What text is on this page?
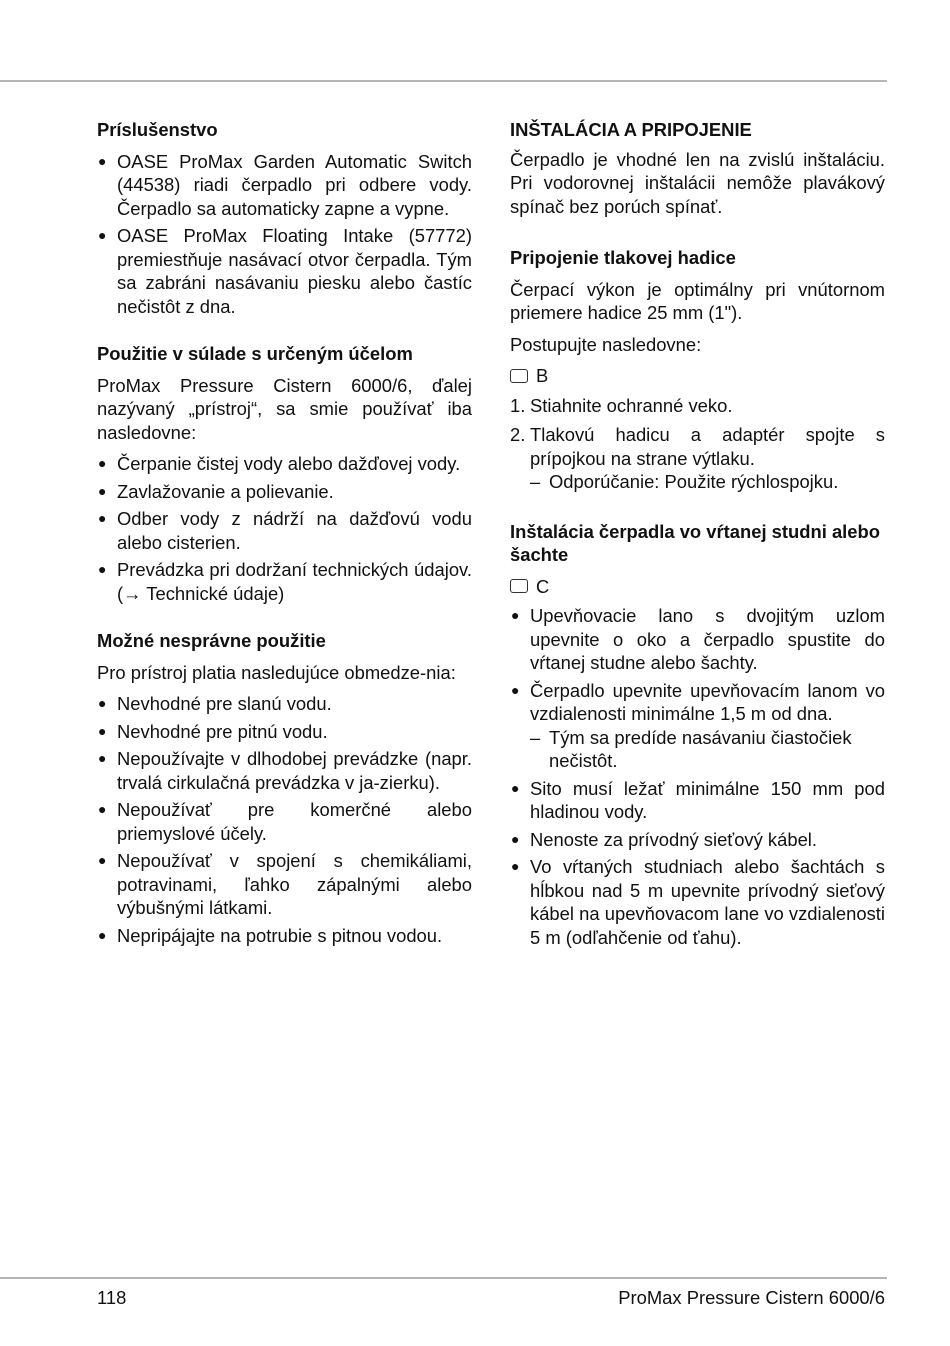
Príslušenstvo
● OASE ProMax Garden Automatic Switch (44538) riadi čerpadlo pri odbere vody. Čerpadlo sa automaticky zapne a vypne.
● OASE ProMax Floating Intake (57772) premiestňuje nasávací otvor čerpadla. Tým sa zabráni nasávaniu piesku alebo častíc nečistôt z dna.
Použitie v súlade s určeným účelom

ProMax Pressure Cistern 6000/6, ďalej nazývaný „prístroj“, sa smie používať iba nasledovne:

● Čerpanie čistej vody alebo dažďovej vody.
● Zavlažovanie a polievanie.
● Odber vody z nádrží na dažďovú vodu alebo cisterien.
● Prevádzka pri dodržaní technických údajov. (→ Technické údaje)
Možné nesprávne použitie

Pro prístroj platia nasledujúce obmedze-nia:

● Nevhodné pre slanú vodu.
● Nevhodné pre pitnú vodu.
● Nepoužívajte v dlhodobej prevádzke (napr. trvalá cirkulačná prevádzka v ja-zierku).
● Nepoužívať pre komerčné alebo priemyslové účely.
● Nepoužívať v spojení s chemikáliami, potravinami, ľahko zápalnými alebo výbušnými látkami.
● Nepripájajte na potrubie s pitnou vodou.
INŠTALÁCIA A PRIPOJENIE

Čerpadlo je vhodné len na zvislú inštaláciu. Pri vodorovnej inštalácii nemôže plavákový spínač bez porúch spínať.

Pripojenie tlakovej hadice

Čerpací výkon je optimálny pri vnútornom priemere hadice 25 mm (1").

Postupujte nasledovne:

B
1. Stiahnite ochranné veko.
2. Tlakovú hadicu a adaptér spojte s prípojkou na strane výtlaku.
– Odporúčanie: Použite rýchlospojku.
Inštalácia čerpadla vo vŕtanej studni alebo šachte
C
● Upevňovacie lano s dvojitým uzlom upevnite o oko a čerpadlo spustite do vŕtanej studne alebo šachty.
● Čerpadlo upevnite upevňovacím lanom vo vzdialenosti minimálne 1,5 m od dna.
– Tým sa predíde nasávaniu čiastočiek nečistôt.
● Sito musí ležať minimálne 150 mm pod hladinou vody.
● Nenoste za prívodný sieťový kábel.
● Vo vŕtaných studniach alebo šachtách s hĺbkou nad 5 m upevnite prívodný sieťový kábel na upevňovacom lane vo vzdialenosti 5 m (odľahčenie od ťahu).
118	ProMax Pressure Cistern 6000/6
